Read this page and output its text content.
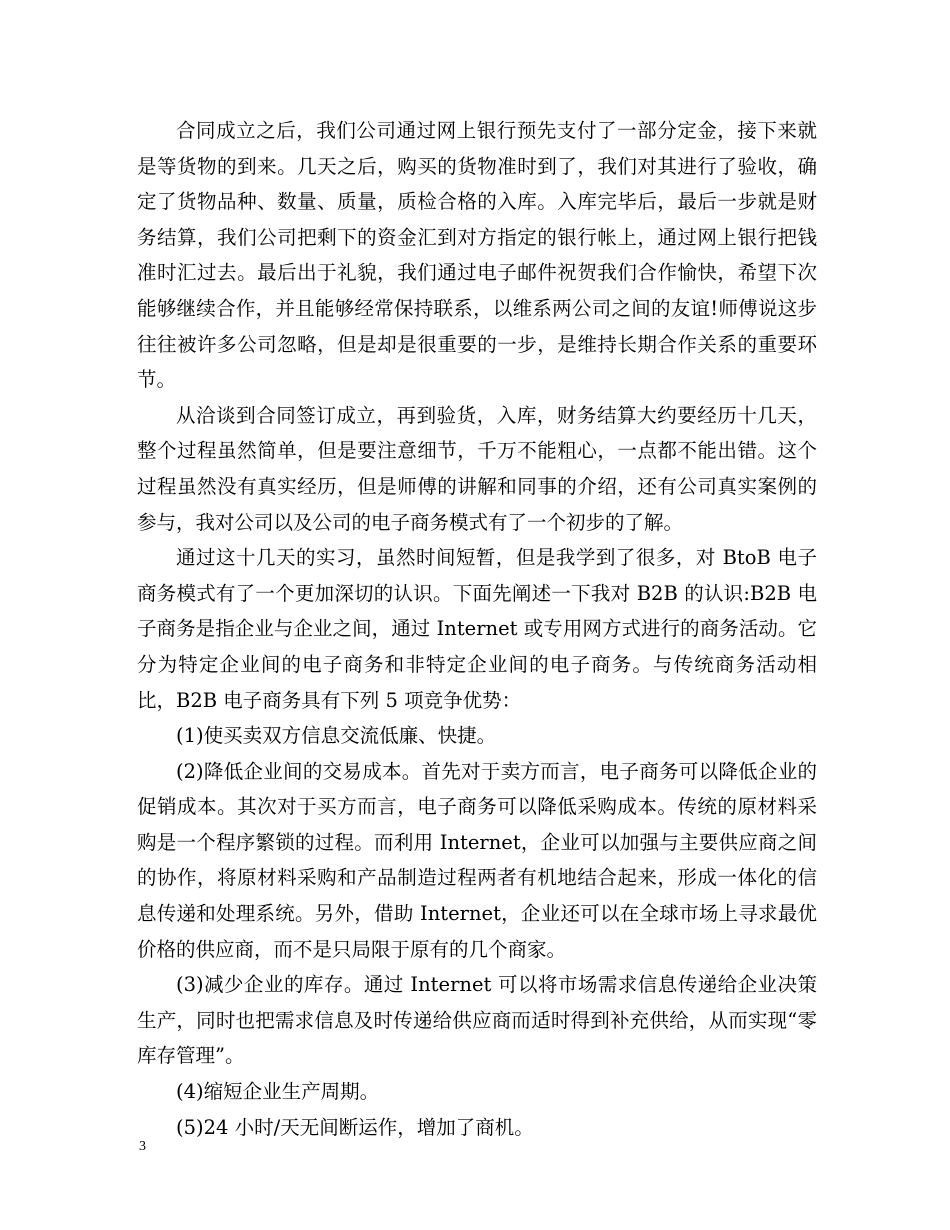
合同成立之后，我们公司通过网上银行预先支付了一部分定金，接下来就是等货物的到来。几天之后，购买的货物准时到了，我们对其进行了验收，确定了货物品种、数量、质量，质检合格的入库。入库完毕后，最后一步就是财务结算，我们公司把剩下的资金汇到对方指定的银行帐上，通过网上银行把钱准时汇过去。最后出于礼貌，我们通过电子邮件祝贺我们合作愉快，希望下次能够继续合作，并且能够经常保持联系，以维系两公司之间的友谊!师傅说这步往往被许多公司忽略，但是却是很重要的一步，是维持长期合作关系的重要环节。

从洽谈到合同签订成立，再到验货，入库，财务结算大约要经历十几天，整个过程虽然简单，但是要注意细节，千万不能粗心，一点都不能出错。这个过程虽然没有真实经历，但是师傅的讲解和同事的介绍，还有公司真实案例的参与，我对公司以及公司的电子商务模式有了一个初步的了解。

通过这十几天的实习，虽然时间短暂，但是我学到了很多，对 BtoB 电子商务模式有了一个更加深切的认识。下面先阐述一下我对 B2B 的认识:B2B 电子商务是指企业与企业之间，通过 Internet 或专用网方式进行的商务活动。它分为特定企业间的电子商务和非特定企业间的电子商务。与传统商务活动相比，B2B 电子商务具有下列 5 项竞争优势：

(1)使买卖双方信息交流低廉、快捷。

(2)降低企业间的交易成本。首先对于卖方而言，电子商务可以降低企业的促销成本。其次对于买方而言，电子商务可以降低采购成本。传统的原材料采购是一个程序繁锁的过程。而利用 Internet，企业可以加强与主要供应商之间的协作，将原材料采购和产品制造过程两者有机地结合起来，形成一体化的信息传递和处理系统。另外，借助 Internet，企业还可以在全球市场上寻求最优价格的供应商，而不是只局限于原有的几个商家。

(3)减少企业的库存。通过 Internet 可以将市场需求信息传递给企业决策生产，同时也把需求信息及时传递给供应商而适时得到补充供给，从而实现“零库存管理”。

(4)缩短企业生产周期。

(5)24 小时/天无间断运作，增加了商机。

3
